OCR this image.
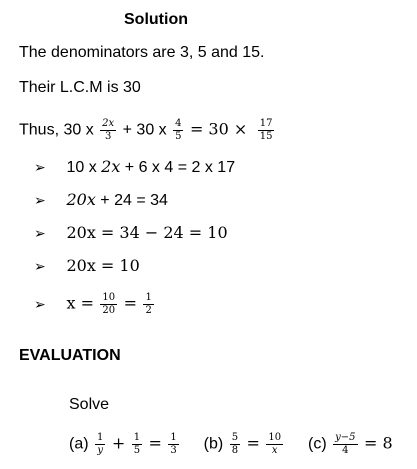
Solution
The denominators are 3, 5 and 15.
Their L.C.M is 30
Thus, 30 x $\frac{2x}{3} + 30$ x $\frac{4}{5} = 30 \times \frac{17}{15}$
➢ 10 x 2x + 6 x 4 = 2 x 17
➢ 20x + 24 = 34
➢ 20x = 34 − 24 = 10
➢ 20x = 10
➢ $x = \frac{10}{20} = \frac{1}{2}$
EVALUATION
Solve
$(a) \frac{1}{y} + \frac{1}{5} = \frac{1}{3} (b) \frac{5}{8} = \frac{10}{x} (c) \frac{y-5}{4} = 8$
